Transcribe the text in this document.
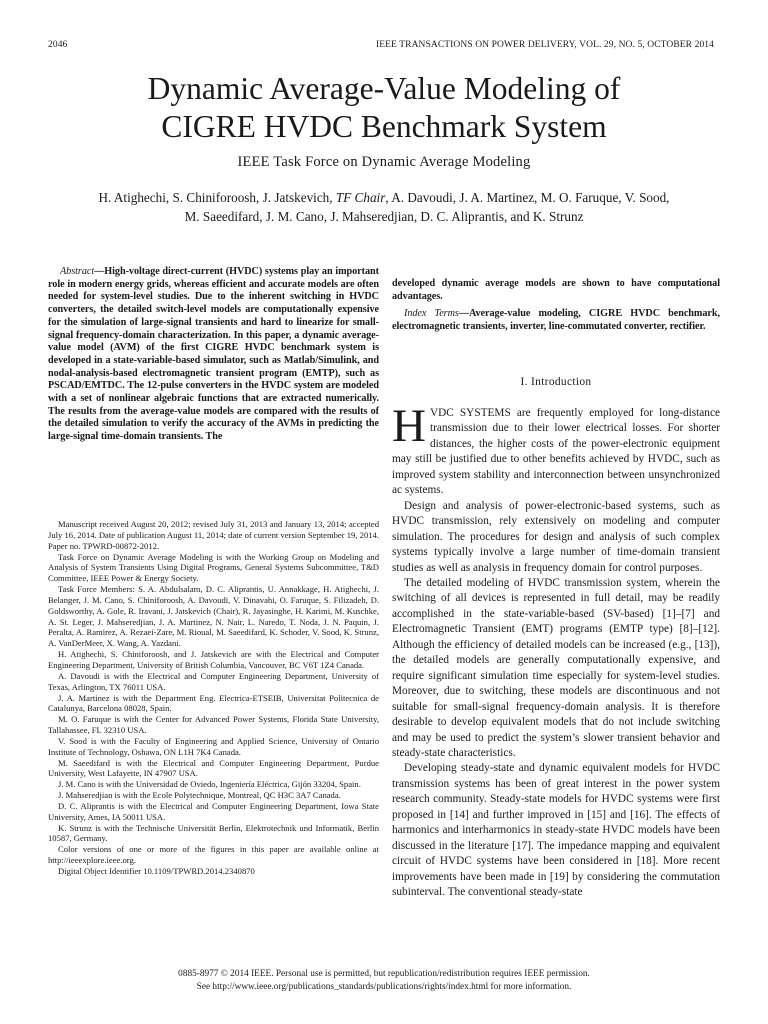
2046	IEEE TRANSACTIONS ON POWER DELIVERY, VOL. 29, NO. 5, OCTOBER 2014
Dynamic Average-Value Modeling of
CIGRE HVDC Benchmark System
IEEE Task Force on Dynamic Average Modeling
H. Atighechi, S. Chiniforoosh, J. Jatskevich, TF Chair, A. Davoudi, J. A. Martinez, M. O. Faruque, V. Sood,
M. Saeedifard, J. M. Cano, J. Mahseredjian, D. C. Aliprantis, and K. Strunz
Abstract—High-voltage direct-current (HVDC) systems play an important role in modern energy grids, whereas efficient and accurate models are often needed for system-level studies. Due to the inherent switching in HVDC converters, the detailed switch-level models are computationally expensive for the simulation of large-signal transients and hard to linearize for small-signal frequency-domain characterization. In this paper, a dynamic average-value model (AVM) of the first CIGRE HVDC benchmark system is developed in a state-variable-based simulator, such as Matlab/Simulink, and nodal-analysis-based electromagnetic transient program (EMTP), such as PSCAD/EMTDC. The 12-pulse converters in the HVDC system are modeled with a set of nonlinear algebraic functions that are extracted numerically. The results from the average-value models are compared with the results of the detailed simulation to verify the accuracy of the AVMs in predicting the large-signal time-domain transients. The

Manuscript received August 20, 2012; revised July 31, 2013 and January 13, 2014; accepted July 16, 2014. Date of publication August 11, 2014; date of current version September 19, 2014. Paper no. TPWRD-00872-2012.

Task Force on Dynamic Average Modeling is with the Working Group on Modeling and Analysis of System Transients Using Digital Programs, General Systems Subcommittee, T&D Committee, IEEE Power & Energy Society.

Task Force Members: S. A. Abdulsalam, D. C. Aliprantis, U. Annakkage, H. Atighechi, J. Belanger, J. M. Cano, S. Chiniforoosh, A. Davoudi, V. Dinavahi, O. Faruque, S. Filizadeh, D. Goldsworthy, A. Gole, R. Iravani, J. Jatskevich (Chair), R. Jayasinghe, H. Karimi, M. Kuschke, A. St. Leger, J. Mahseredjian, J. A. Martinez, N. Nair, L. Naredo, T. Noda, J. N. Paquin, J. Peralta, A. Ramirez, A. Rezaei-Zare, M. Rioual, M. Saeedifard, K. Schoder, V. Sood, K. Strunz, A. VanDerMeer, X. Wang, A. Yazdani.

H. Atighechi, S. Chiniforoosh, and J. Jatskevich are with the Electrical and Computer Engineering Department, University of British Columbia, Vancouver, BC V6T 1Z4 Canada.

A. Davoudi is with the Electrical and Computer Engineering Department, University of Texas, Arlington, TX 76011 USA.

J. A. Martinez is with the Department Eng. Electrica-ETSEIB, Universitat Politecnica de Catalunya, Barcelona 08028, Spain.

M. O. Faruque is with the Center for Advanced Power Systems, Florida State University, Tallahassee, FL 32310 USA.

V. Sood is with the Faculty of Engineering and Applied Science, University of Ontario Institute of Technology, Oshawa, ON L1H 7K4 Canada.

M. Saeedifard is with the Electrical and Computer Engineering Department, Purdue University, West Lafayette, IN 47907 USA.

J. M. Cano is with the Universidad de Oviedo, Ingeniería Eléctrica, Gijón 33204, Spain.

J. Mahseredjian is with the Ecole Polytechnique, Montreal, QC H3C 3A7 Canada.

D. C. Aliprantis is with the Electrical and Computer Engineering Department, Iowa State University, Ames, IA 50011 USA.

K. Strunz is with the Technische Universität Berlin, Elektrotechnik und Informatik, Berlin 10587, Germany.

Color versions of one or more of the figures in this paper are available online at http://ieeexplore.ieee.org.

Digital Object Identifier 10.1109/TPWRD.2014.2340870

developed dynamic average models are shown to have computational advantages.

Index Terms—Average-value modeling, CIGRE HVDC benchmark, electromagnetic transients, inverter, line-commutated converter, rectifier.

I. Introduction

HVDC SYSTEMS are frequently employed for long-distance transmission due to their lower electrical losses. For shorter distances, the higher costs of the power-electronic equipment may still be justified due to other benefits achieved by HVDC, such as improved system stability and interconnection between unsynchronized ac systems.

Design and analysis of power-electronic-based systems, such as HVDC transmission, rely extensively on modeling and computer simulation. The procedures for design and analysis of such complex systems typically involve a large number of time-domain transient studies as well as analysis in frequency domain for control purposes.

The detailed modeling of HVDC transmission system, wherein the switching of all devices is represented in full detail, may be readily accomplished in the state-variable-based (SV-based) [1]–[7] and Electromagnetic Transient (EMT) programs (EMTP type) [8]–[12]. Although the efficiency of detailed models can be increased (e.g., [13]), the detailed models are generally computationally expensive, and require significant simulation time especially for system-level studies. Moreover, due to switching, these models are discontinuous and not suitable for small-signal frequency-domain analysis. It is therefore desirable to develop equivalent models that do not include switching and may be used to predict the system’s slower transient behavior and steady-state characteristics.

Developing steady-state and dynamic equivalent models for HVDC transmission systems has been of great interest in the power system research community. Steady-state models for HVDC systems were first proposed in [14] and further improved in [15] and [16]. The effects of harmonics and interharmonics in steady-state HVDC models have been discussed in the literature [17]. The impedance mapping and equivalent circuit of HVDC systems have been considered in [18]. More recent improvements have been made in [19] by considering the commutation subinterval. The conventional steady-state

0885-8977 © 2014 IEEE. Personal use is permitted, but republication/redistribution requires IEEE permission.
See http://www.ieee.org/publications_standards/publications/rights/index.html for more information.
